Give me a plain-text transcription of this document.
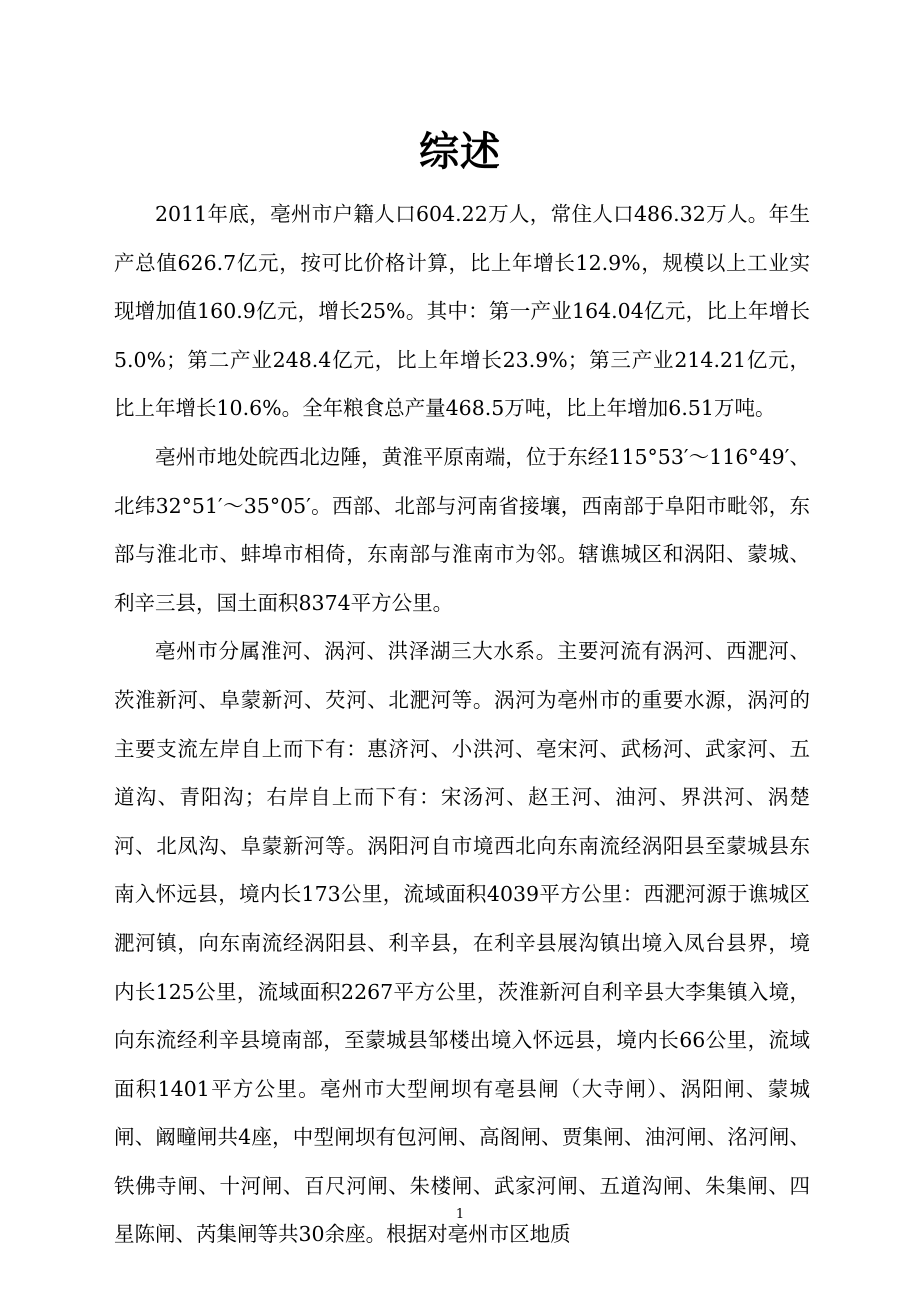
综述

2011年底，亳州市户籍人口604.22万人，常住人口486.32万人。年生产总值626.7亿元，按可比价格计算，比上年增长12.9%，规模以上工业实现增加值160.9亿元，增长25%。其中：第一产业164.04亿元，比上年增长5.0%；第二产业248.4亿元，比上年增长23.9%；第三产业214.21亿元，比上年增长10.6%。全年粮食总产量468.5万吨，比上年增加6.51万吨。

亳州市地处皖西北边陲，黄淮平原南端，位于东经115°53′～116°49′、北纬32°51′～35°05′。西部、北部与河南省接壤，西南部于阜阳市毗邻，东部与淮北市、蚌埠市相倚，东南部与淮南市为邻。辖谯城区和涡阳、蒙城、利辛三县，国土面积8374平方公里。

亳州市分属淮河、涡河、洪泽湖三大水系。主要河流有涡河、西淝河、茨淮新河、阜蒙新河、芡河、北淝河等。涡河为亳州市的重要水源，涡河的主要支流左岸自上而下有：惠济河、小洪河、亳宋河、武杨河、武家河、五道沟、青阳沟；右岸自上而下有：宋汤河、赵王河、油河、界洪河、涡楚河、北凤沟、阜蒙新河等。涡阳河自市境西北向东南流经涡阳县至蒙城县东南入怀远县，境内长173公里，流域面积4039平方公里：西淝河源于谯城区淝河镇，向东南流经涡阳县、利辛县，在利辛县展沟镇出境入凤台县界，境内长125公里，流域面积2267平方公里，茨淮新河自利辛县大李集镇入境，向东流经利辛县境南部，至蒙城县邹楼出境入怀远县，境内长66公里，流域面积1401平方公里。亳州市大型闸坝有亳县闸（大寺闸）、涡阳闸、蒙城闸、阚疃闸共4座，中型闸坝有包河闸、高阁闸、贾集闸、油河闸、洺河闸、铁佛寺闸、十河闸、百尺河闸、朱楼闸、武家河闸、五道沟闸、朱集闸、四星陈闸、芮集闸等共30余座。根据对亳州市区地质

1
